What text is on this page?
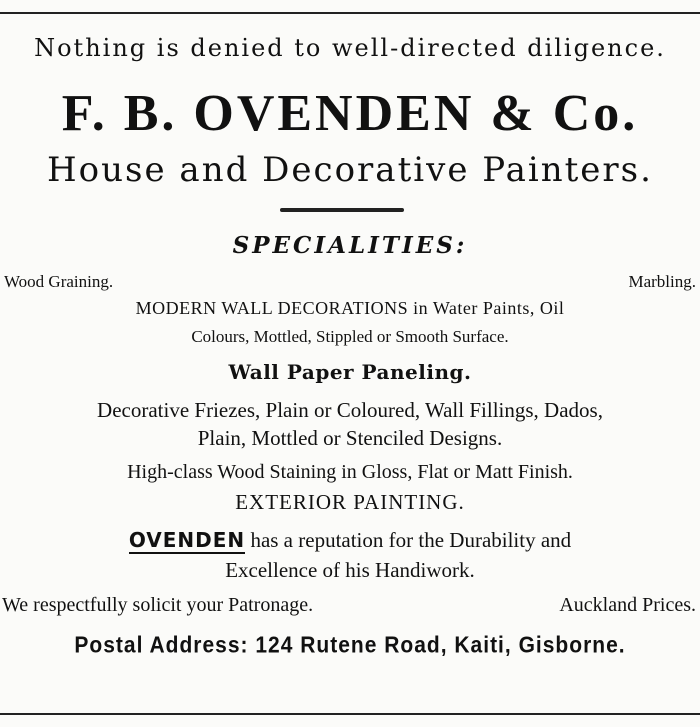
Nothing is denied to well-directed diligence.
F. B. OVENDEN & Co.
House and Decorative Painters.
SPECIALITIES:
Wood Graining.	Marbling.
MODERN WALL DECORATIONS in Water Paints, Oil
Colours, Mottled, Stippled or Smooth Surface.
Wall Paper Paneling.
Decorative Friezes, Plain or Coloured, Wall Fillings, Dados,
Plain, Mottled or Stenciled Designs.
High-class Wood Staining in Gloss, Flat or Matt Finish.
EXTERIOR PAINTING.
OVENDEN has a reputation for the Durability and
Excellence of his Handiwork.
We respectfully solicit your Patronage.	Auckland Prices.
Postal Address: 124 Rutene Road, Kaiti, Gisborne.
